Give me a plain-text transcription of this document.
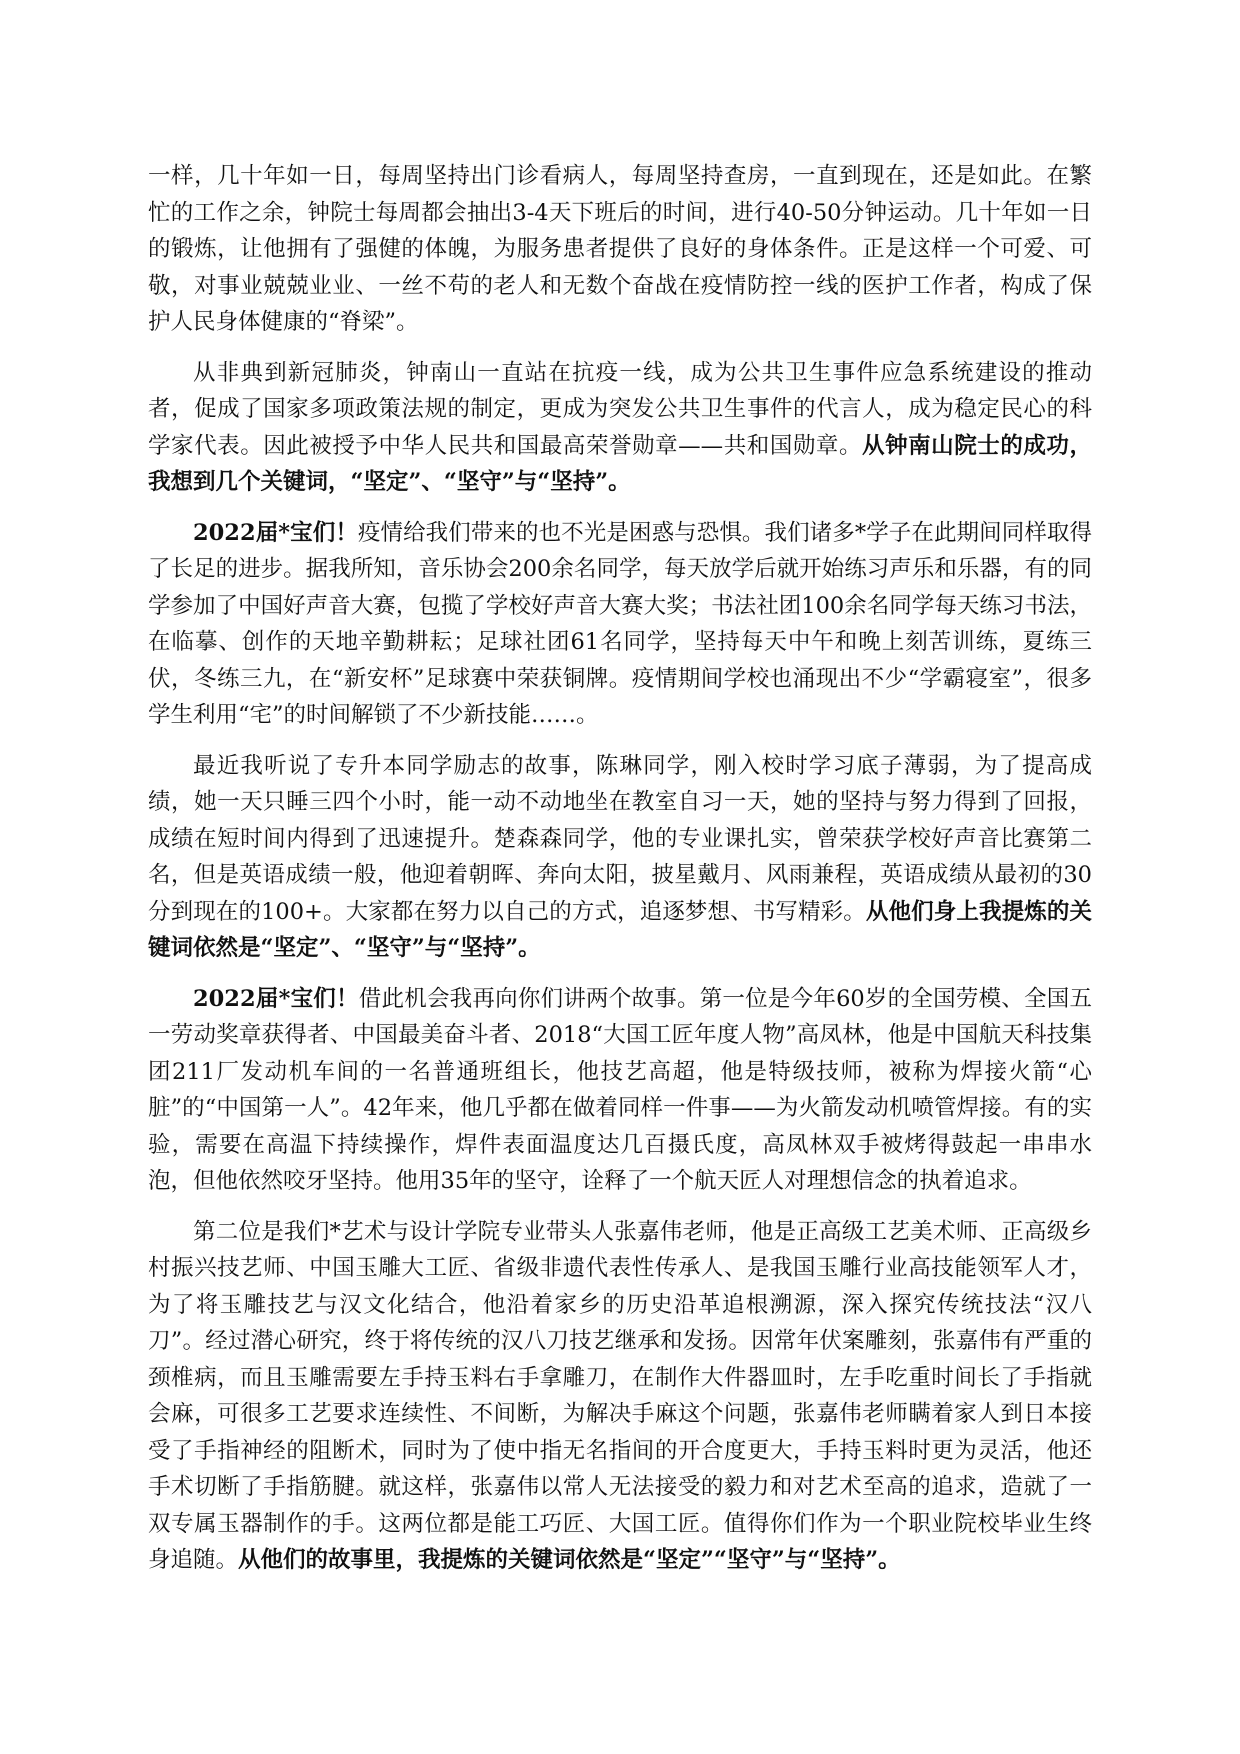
一样，几十年如一日，每周坚持出门诊看病人，每周坚持查房，一直到现在，还是如此。在繁忙的工作之余，钟院士每周都会抽出3-4天下班后的时间，进行40-50分钟运动。几十年如一日的锻炼，让他拥有了强健的体魄，为服务患者提供了良好的身体条件。正是这样一个可爱、可敬，对事业兢兢业业、一丝不苟的老人和无数个奋战在疫情防控一线的医护工作者，构成了保护人民身体健康的“脊梁”。

从非典到新冠肺炎，钟南山一直站在抗疫一线，成为公共卫生事件应急系统建设的推动者，促成了国家多项政策法规的制定，更成为突发公共卫生事件的代言人，成为稳定民心的科学家代表。因此被授予中华人民共和国最高荣誉勋章——共和国勋章。从钟南山院士的成功，我想到几个关键词，“坚定”、“坚守”与“坚持”。

2022届*宝们！疫情给我们带来的也不光是困惑与恐惧。我们诸多*学子在此期间同样取得了长足的进步。据我所知，音乐协会200余名同学，每天放学后就开始练习声乐和乐器，有的同学参加了中国好声音大赛，包揽了学校好声音大赛大奖；书法社团100余名同学每天练习书法，在临摹、创作的天地辛勤耕耘；足球社团61名同学，坚持每天中午和晚上刻苦训练，夏练三伏，冬练三九，在“新安杯”足球赛中荣获铜牌。疫情期间学校也涌现出不少“学霸寝室”，很多学生利用“宅”的时间解锁了不少新技能……。

最近我听说了专升本同学励志的故事，陈琳同学，刚入校时学习底子薄弱，为了提高成绩，她一天只睡三四个小时，能一动不动地坐在教室自习一天，她的坚持与努力得到了回报，成绩在短时间内得到了迅速提升。楚森森同学，他的专业课扎实，曾荣获学校好声音比赛第二名，但是英语成绩一般，他迎着朝晖、奔向太阳，披星戴月、风雨兼程，英语成绩从最初的30分到现在的100+。大家都在努力以自己的方式，追逐梦想、书写精彩。从他们身上我提炼的关键词依然是“坚定”、“坚守”与“坚持”。

2022届*宝们！借此机会我再向你们讲两个故事。第一位是今年60岁的全国劳模、全国五一劳动奖章获得者、中国最美奋斗者、2018“大国工匠年度人物”高凤林，他是中国航天科技集团211厂发动机车间的一名普通班组长，他技艺高超，他是特级技师，被称为焊接火箭“心脏”的“中国第一人”。42年来，他几乎都在做着同样一件事——为火箭发动机喷管焊接。有的实验，需要在高温下持续操作，焊件表面温度达几百摄氏度，高凤林双手被烤得鼓起一串串水泡，但他依然咬牙坚持。他用35年的坚守，诠释了一个航天匠人对理想信念的执着追求。

第二位是我们*艺术与设计学院专业带头人张嘉伟老师，他是正高级工艺美术师、正高级乡村振兴技艺师、中国玉雕大工匠、省级非遗代表性传承人、是我国玉雕行业高技能领军人才，为了将玉雕技艺与汉文化结合，他沿着家乡的历史沿革追根溯源，深入探究传统技法“汉八刀”。经过潜心研究，终于将传统的汉八刀技艺继承和发扬。因常年伏案雕刻，张嘉伟有严重的颈椎病，而且玉雕需要左手持玉料右手拿雕刀，在制作大件器皿时，左手吃重时间长了手指就会麻，可很多工艺要求连续性、不间断，为解决手麻这个问题，张嘉伟老师瞒着家人到日本接受了手指神经的阻断术，同时为了使中指无名指间的开合度更大，手持玉料时更为灵活，他还手术切断了手指筋腱。就这样，张嘉伟以常人无法接受的毅力和对艺术至高的追求，造就了一双专属玉器制作的手。这两位都是能工巧匠、大国工匠。值得你们作为一个职业院校毕业生终身追随。从他们的故事里，我提炼的关键词依然是“坚定”“坚守”与“坚持”。
